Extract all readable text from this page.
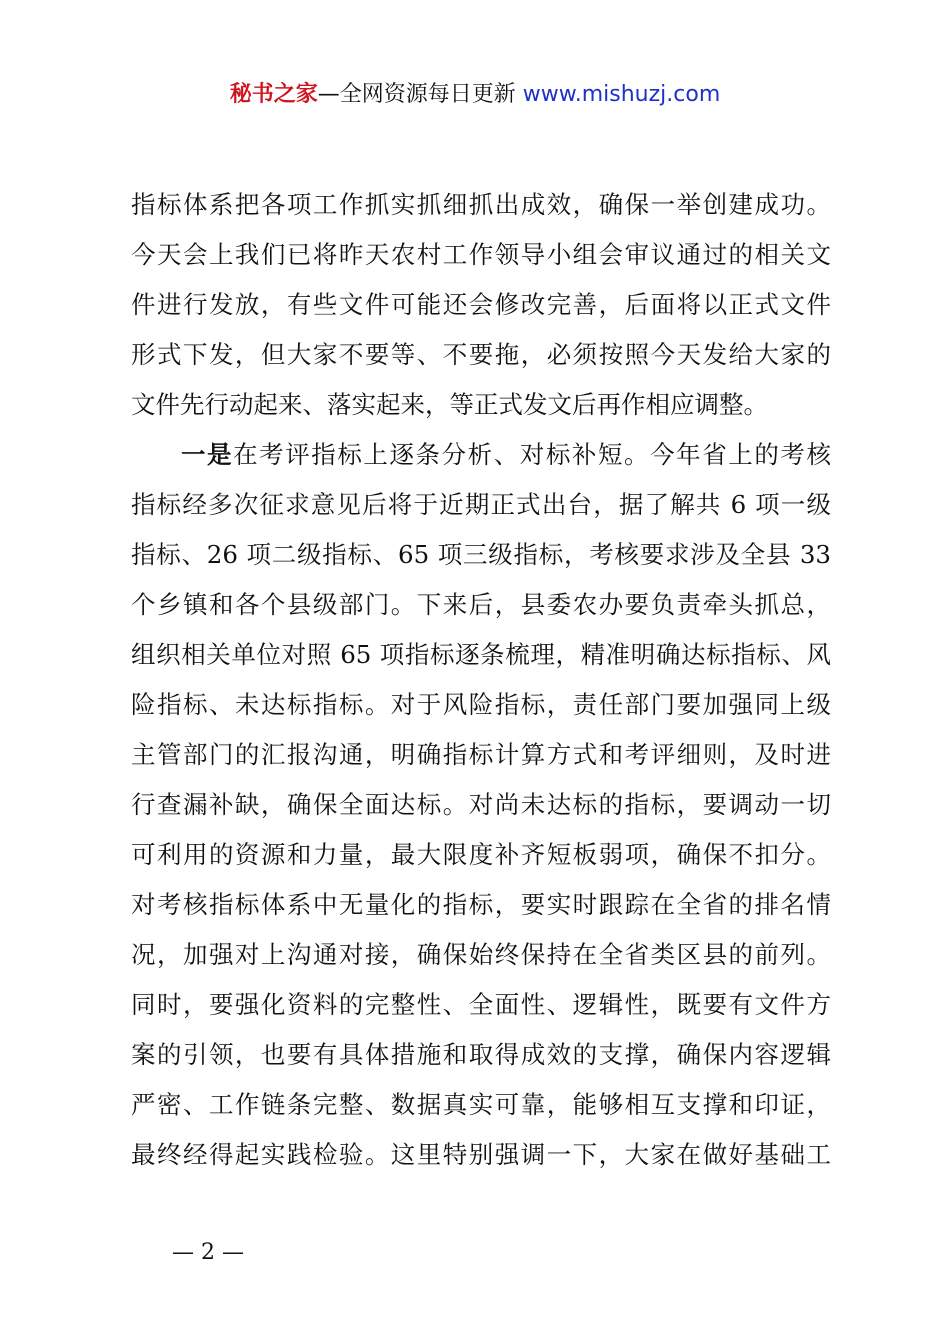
秘书之家—全网资源每日更新 www.mishuzj.com
指标体系把各项工作抓实抓细抓出成效，确保一举创建成功。
今天会上我们已将昨天农村工作领导小组会审议通过的相关文
件进行发放，有些文件可能还会修改完善，后面将以正式文件
形式下发，但大家不要等、不要拖，必须按照今天发给大家的
文件先行动起来、落实起来，等正式发文后再作相应调整。
一是在考评指标上逐条分析、对标补短。今年省上的考核
指标经多次征求意见后将于近期正式出台，据了解共 6 项一级
指标、26 项二级指标、65 项三级指标，考核要求涉及全县 33
个乡镇和各个县级部门。下来后，县委农办要负责牵头抓总，
组织相关单位对照 65 项指标逐条梳理，精准明确达标指标、风
险指标、未达标指标。对于风险指标，责任部门要加强同上级
主管部门的汇报沟通，明确指标计算方式和考评细则，及时进
行查漏补缺，确保全面达标。对尚未达标的指标，要调动一切
可利用的资源和力量，最大限度补齐短板弱项，确保不扣分。
对考核指标体系中无量化的指标，要实时跟踪在全省的排名情
况，加强对上沟通对接，确保始终保持在全省类区县的前列。
同时，要强化资料的完整性、全面性、逻辑性，既要有文件方
案的引领，也要有具体措施和取得成效的支撑，确保内容逻辑
严密、工作链条完整、数据真实可靠，能够相互支撑和印证，
最终经得起实践检验。这里特别强调一下，大家在做好基础工
— 2 —
